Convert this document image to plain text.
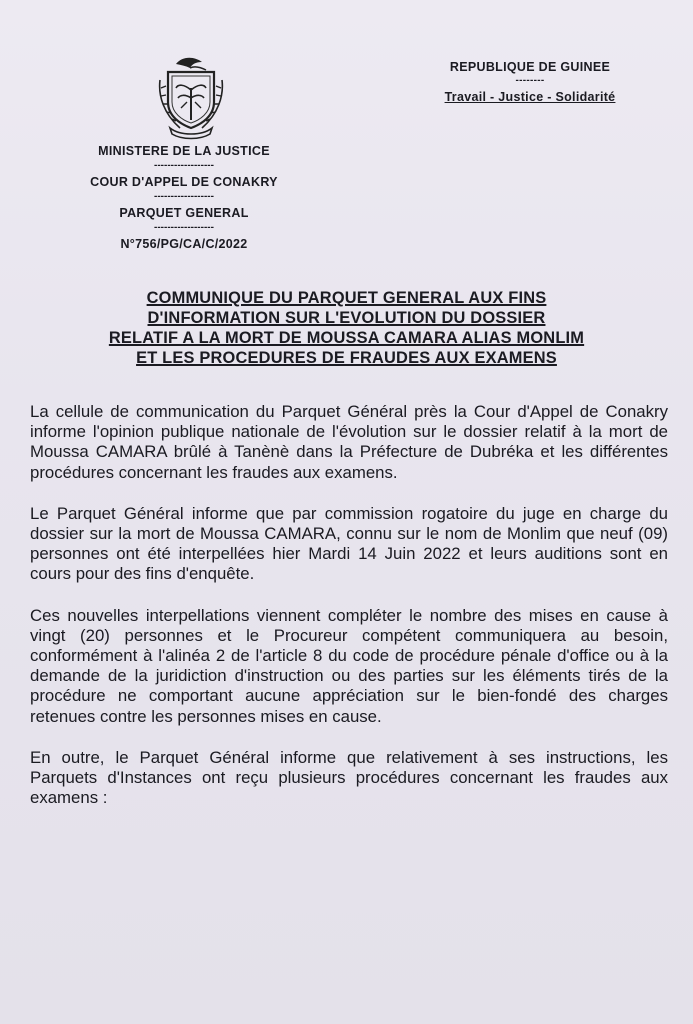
MINISTERE DE LA JUSTICE
------------------
COUR D'APPEL DE CONAKRY
------------------
PARQUET GENERAL
------------------
N°756/PG/CA/C/2022
REPUBLIQUE DE GUINEE
--------
Travail - Justice - Solidarité
COMMUNIQUE DU PARQUET GENERAL AUX FINS
D'INFORMATION SUR L'EVOLUTION DU DOSSIER
RELATIF A LA MORT DE MOUSSA CAMARA ALIAS MONLIM
ET LES PROCEDURES DE FRAUDES AUX EXAMENS

La cellule de communication du Parquet Général près la Cour d'Appel de Conakry informe l'opinion publique nationale de l'évolution sur le dossier relatif à la mort de Moussa CAMARA brûlé à Tanènè dans la Préfecture de Dubréka et les différentes procédures concernant les fraudes aux examens.

Le Parquet Général informe que par commission rogatoire du juge en charge du dossier sur la mort de Moussa CAMARA, connu sur le nom de Monlim que neuf (09) personnes ont été interpellées hier Mardi 14 Juin 2022 et leurs auditions sont en cours pour des fins d'enquête.

Ces nouvelles interpellations viennent compléter le nombre des mises en cause à vingt (20) personnes et le Procureur compétent communiquera au besoin, conformément à l'alinéa 2 de l'article 8 du code de procédure pénale d'office ou à la demande de la juridiction d'instruction ou des parties sur les éléments tirés de la procédure ne comportant aucune appréciation sur le bien-fondé des charges retenues contre les personnes mises en cause.

En outre, le Parquet Général informe que relativement à ses instructions, les Parquets d'Instances ont reçu plusieurs procédures concernant les fraudes aux examens :
